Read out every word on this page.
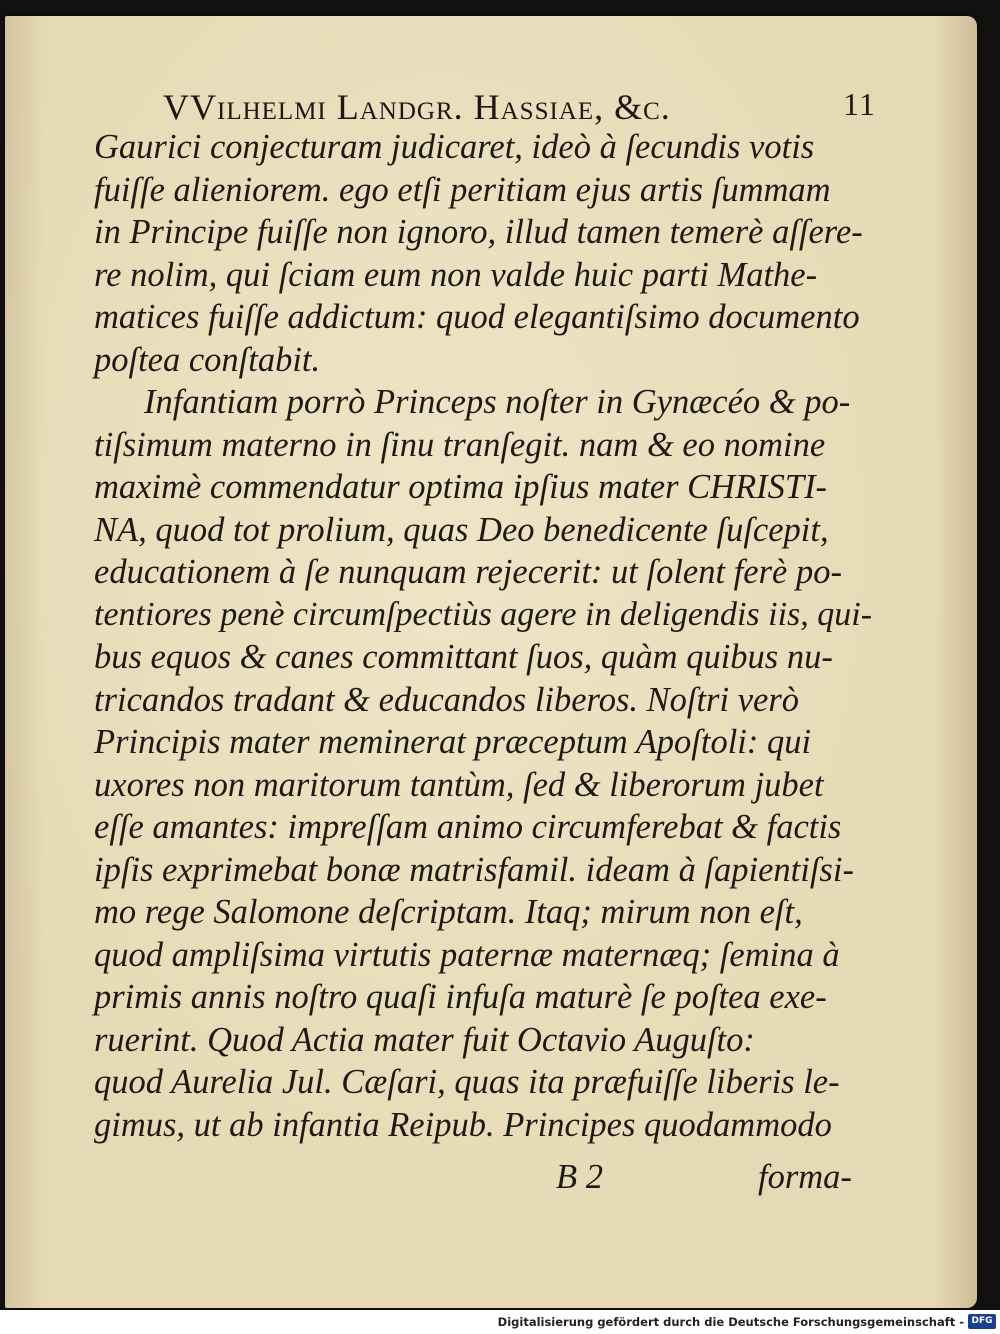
VVilhelmi Landgr. Hassiae, &c.	11
Gaurici conjecturam judicaret, ideò à ſecundis votis
fuiſſe alieniorem. ego etſi peritiam ejus artis ſummam
in Principe fuiſſe non ignoro, illud tamen temerè aſſere-
re nolim, qui ſciam eum non valde huic parti Mathe-
matices fuiſſe addictum: quod elegantiſsimo documento
poſtea conſtabit.
Infantiam porrò Princeps noſter in Gynæcéo & po-
tiſsimum materno in ſinu tranſegit. nam & eo nomine
maximè commendatur optima ipſius mater CHRISTI-
NA, quod tot prolium, quas Deo benedicente ſuſcepit,
educationem à ſe nunquam rejecerit: ut ſolent ferè po-
tentiores penè circumſpectiùs agere in deligendis iis, qui-
bus equos & canes committant ſuos, quàm quibus nu-
tricandos tradant & educandos liberos. Noſtri verò
Principis mater meminerat præceptum Apoſtoli: qui
uxores non maritorum tantùm, ſed & liberorum jubet
eſſe amantes: impreſſam animo circumferebat & factis
ipſis exprimebat bonæ matrisfamil. ideam à ſapientiſsi-
mo rege Salomone deſcriptam. Itaq; mirum non eſt,
quod ampliſsima virtutis paternæ maternæq; ſemina à
primis annis noſtro quaſi infuſa maturè ſe poſtea exe-
ruerint. Quod Actia mater fuit Octavio Auguſto:
quod Aurelia Jul. Cæſari, quas ita præfuiſſe liberis le-
gimus, ut ab infantia Reipub. Principes quodammodo
B 2	forma-
Digitalisierung gefördert durch die Deutsche Forschungsgemeinschaft - DFG
